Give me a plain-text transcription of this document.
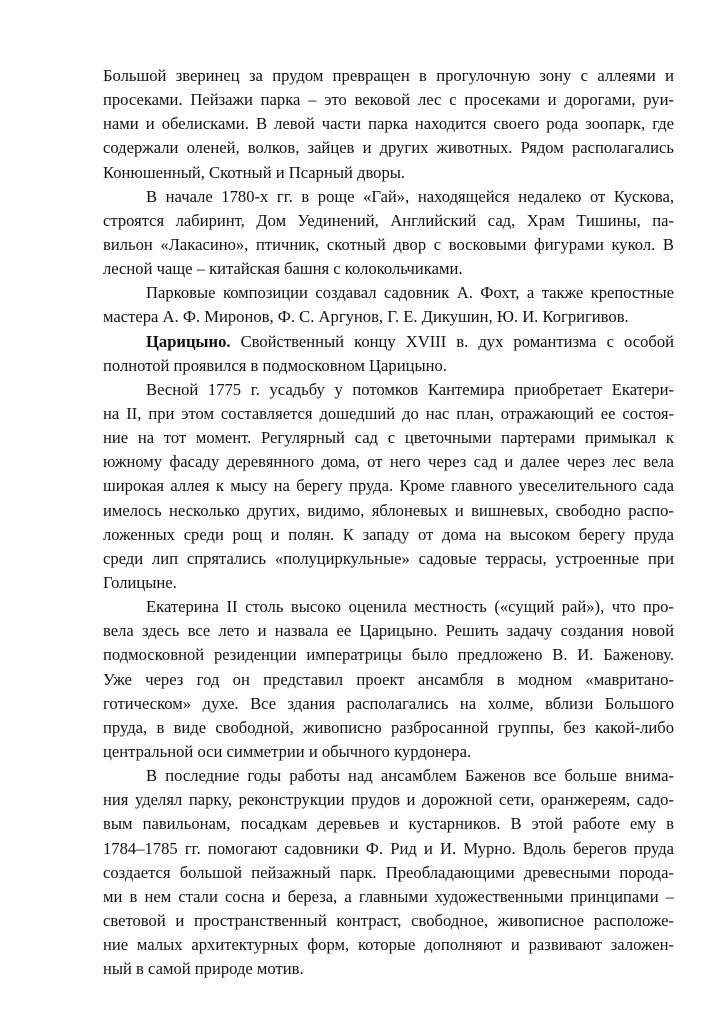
Большой зверинец за прудом превращен в прогулочную зону с аллеями и
просеками. Пейзажи парка – это вековой лес с просеками и дорогами, руи-
нами и обелисками. В левой части парка находится своего рода зоопарк, где
содержали оленей, волков, зайцев и других животных. Рядом располагались
Конюшенный, Скотный и Псарный дворы.
В начале 1780-х гг. в роще «Гай», находящейся недалеко от Кускова,
строятся лабиринт, Дом Уединений, Английский сад, Храм Тишины, па-
вильон «Лакасино», птичник, скотный двор с восковыми фигурами кукол. В
лесной чаще – китайская башня с колокольчиками.
Парковые композиции создавал садовник А. Фохт, а также крепостные
мастера А. Ф. Миронов, Ф. С. Аргунов, Г. Е. Дикушин, Ю. И. Когригивов.
Царицыно. Свойственный концу XVIII в. дух романтизма с особой
полнотой проявился в подмосковном Царицыно.
Весной 1775 г. усадьбу у потомков Кантемира приобретает Екатери-
на II, при этом составляется дошедший до нас план, отражающий ее состоя-
ние на тот момент. Регулярный сад с цветочными партерами примыкал к
южному фасаду деревянного дома, от него через сад и далее через лес вела
широкая аллея к мысу на берегу пруда. Кроме главного увеселительного сада
имелось несколько других, видимо, яблоневых и вишневых, свободно распо-
ложенных среди рощ и полян. К западу от дома на высоком берегу пруда
среди лип спрятались «полуциркульные» садовые террасы, устроенные при
Голицыне.
Екатерина II столь высоко оценила местность («сущий рай»), что про-
вела здесь все лето и назвала ее Царицыно. Решить задачу создания новой
подмосковной резиденции императрицы было предложено В. И. Баженову.
Уже через год он представил проект ансамбля в модном «мавританo-
готическом» духе. Все здания располагались на холме, вблизи Большого
пруда, в виде свободной, живописно разбросанной группы, без какой-либо
центральной оси симметрии и обычного курдонера.
В последние годы работы над ансамблем Баженов все больше внима-
ния уделял парку, реконструкции прудов и дорожной сети, оранжереям, садо-
вым павильонам, посадкам деревьев и кустарников. В этой работе ему в
1784–1785 гг. помогают садовники Ф. Рид и И. Мурно. Вдоль берегов пруда
создается большой пейзажный парк. Преобладающими древесными порода-
ми в нем стали сосна и береза, а главными художественными принципами –
световой и пространственный контраст, свободное, живописное расположе-
ние малых архитектурных форм, которые дополняют и развивают заложен-
ный в самой природе мотив.
